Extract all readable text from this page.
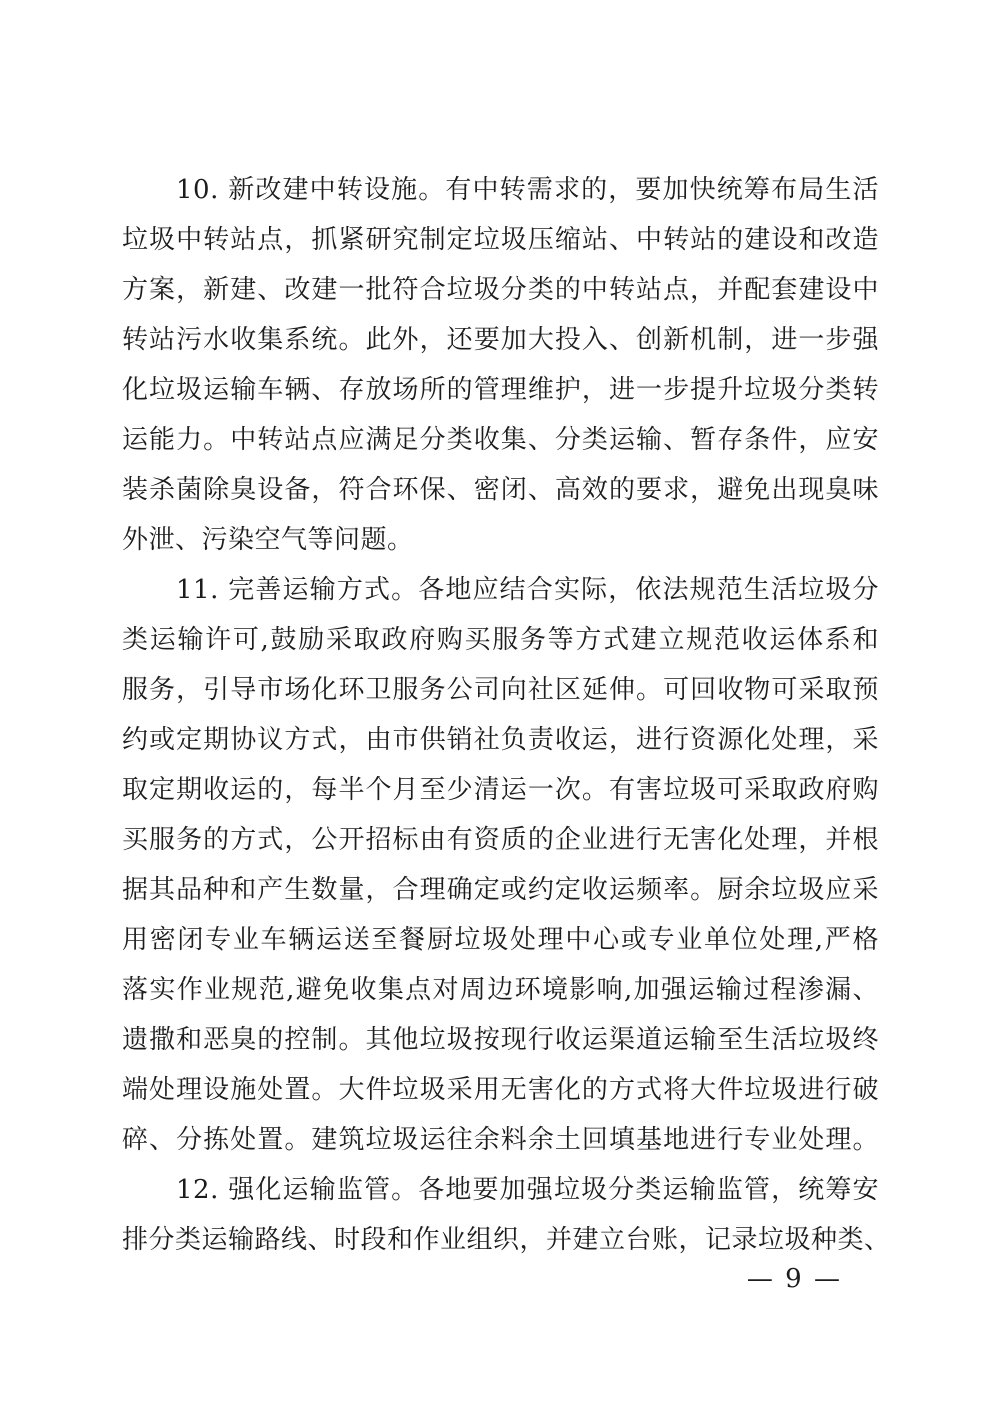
10. 新改建中转设施。有中转需求的，要加快统筹布局生活
垃圾中转站点，抓紧研究制定垃圾压缩站、中转站的建设和改造
方案，新建、改建一批符合垃圾分类的中转站点，并配套建设中
转站污水收集系统。此外，还要加大投入、创新机制，进一步强
化垃圾运输车辆、存放场所的管理维护，进一步提升垃圾分类转
运能力。中转站点应满足分类收集、分类运输、暂存条件，应安
装杀菌除臭设备，符合环保、密闭、高效的要求，避免出现臭味
外泄、污染空气等问题。
11. 完善运输方式。各地应结合实际，依法规范生活垃圾分
类运输许可,鼓励采取政府购买服务等方式建立规范收运体系和
服务，引导市场化环卫服务公司向社区延伸。可回收物可采取预
约或定期协议方式，由市供销社负责收运，进行资源化处理，采
取定期收运的，每半个月至少清运一次。有害垃圾可采取政府购
买服务的方式，公开招标由有资质的企业进行无害化处理，并根
据其品种和产生数量，合理确定或约定收运频率。厨余垃圾应采
用密闭专业车辆运送至餐厨垃圾处理中心或专业单位处理,严格
落实作业规范,避免收集点对周边环境影响,加强运输过程渗漏、
遗撒和恶臭的控制。其他垃圾按现行收运渠道运输至生活垃圾终
端处理设施处置。大件垃圾采用无害化的方式将大件垃圾进行破
碎、分拣处置。建筑垃圾运往余料余土回填基地进行专业处理。
12. 强化运输监管。各地要加强垃圾分类运输监管，统筹安
排分类运输路线、时段和作业组织，并建立台账，记录垃圾种类、
— 9 —
